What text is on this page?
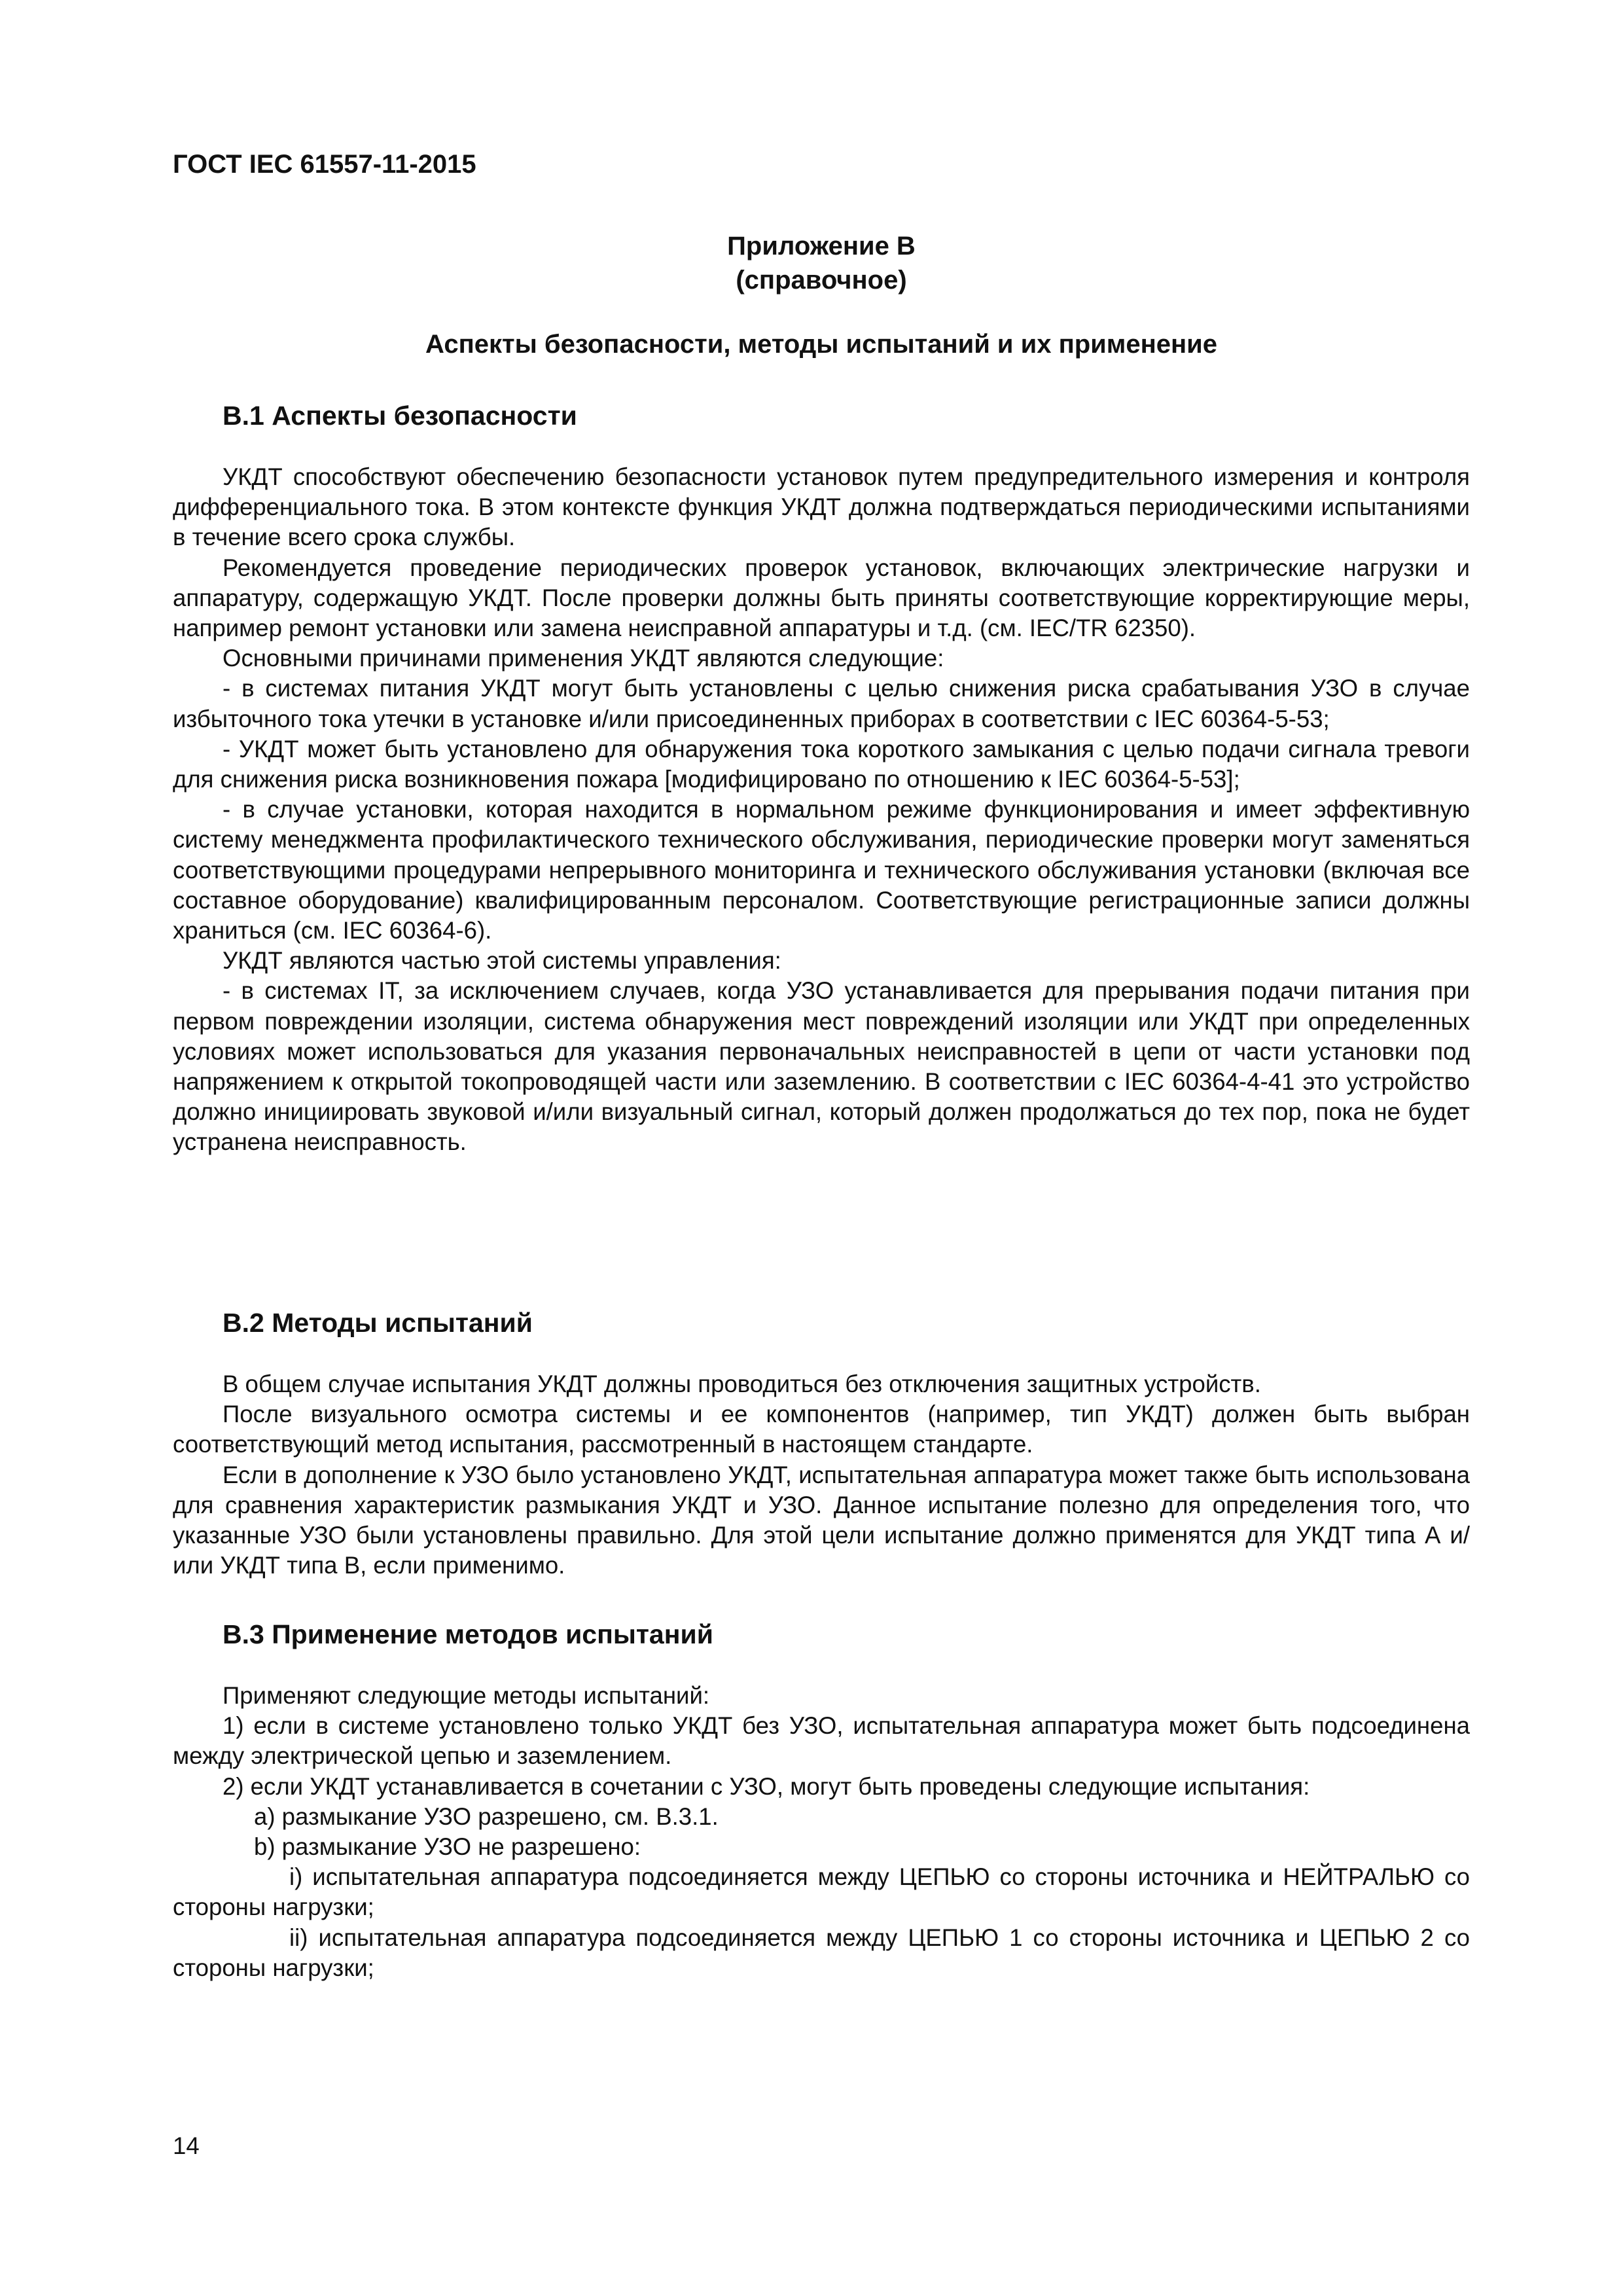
ГОСТ IEC 61557-11-2015

Приложение В
(справочное)
Аспекты безопасности, методы испытаний и их применение

В.1 Аспекты безопасности

УКДТ способствуют обеспечению безопасности установок путем предупредительного измерения и контроля дифференциального тока. В этом контексте функция УКДТ должна подтверждаться периодическими испытаниями в течение всего срока службы.

Рекомендуется проведение периодических проверок установок, включающих электрические нагрузки и аппаратуру, содержащую УКДТ. После проверки должны быть приняты соответствующие корректирующие меры, например ремонт установки или замена неисправной аппаратуры и т.д. (см. IEC/TR 62350).

Основными причинами применения УКДТ являются следующие:

- в системах питания УКДТ могут быть установлены с целью снижения риска срабатывания УЗО в случае избыточного тока утечки в установке и/или присоединенных приборах в соответствии с IEC 60364-5-53;

- УКДТ может быть установлено для обнаружения тока короткого замыкания с целью подачи сигнала тревоги для снижения риска возникновения пожара [модифицировано по отношению к IEC 60364-5-53];

- в случае установки, которая находится в нормальном режиме функционирования и имеет эффективную систему менеджмента профилактического технического обслуживания, периодические проверки могут заменяться соответствующими процедурами непрерывного мониторинга и технического обслуживания установки (включая все составное оборудование) квалифицированным персоналом. Соответствующие регистрационные записи должны храниться (см. IEC 60364-6).

УКДТ являются частью этой системы управления:

- в системах IT, за исключением случаев, когда УЗО устанавливается для прерывания подачи питания при первом повреждении изоляции, система обнаружения мест повреждений изоляции или УКДТ при определенных условиях может использоваться для указания первоначальных неисправностей в цепи от части установки под напряжением к открытой токопроводящей части или заземлению. В соответствии с IEC 60364-4-41 это устройство должно инициировать звуковой и/или визуальный сигнал, который должен продолжаться до тех пор, пока не будет устранена неисправность.

В.2 Методы испытаний

В общем случае испытания УКДТ должны проводиться без отключения защитных устройств.

После визуального осмотра системы и ее компонентов (например, тип УКДТ) должен быть выбран соответствующий метод испытания, рассмотренный в настоящем стандарте.

Если в дополнение к УЗО было установлено УКДТ, испытательная аппаратура может также быть использована для сравнения характеристик размыкания УКДТ и УЗО. Данное испытание полезно для определения того, что указанные УЗО были установлены правильно. Для этой цели испытание должно применятся для УКДТ типа А и/или УКДТ типа В, если применимо.

В.3 Применение методов испытаний

Применяют следующие методы испытаний:

1) если в системе установлено только УКДТ без УЗО, испытательная аппаратура может быть подсоединена между электрической цепью и заземлением.

2) если УКДТ устанавливается в сочетании с УЗО, могут быть проведены следующие испытания:

a) размыкание УЗО разрешено, см. В.3.1.

b) размыкание УЗО не разрешено:

i) испытательная аппаратура подсоединяется между ЦЕПЬЮ со стороны источника и НЕЙТРАЛЬЮ со стороны нагрузки;

ii) испытательная аппаратура подсоединяется между ЦЕПЬЮ 1 со стороны источника и ЦЕПЬЮ 2 со стороны нагрузки;

14
